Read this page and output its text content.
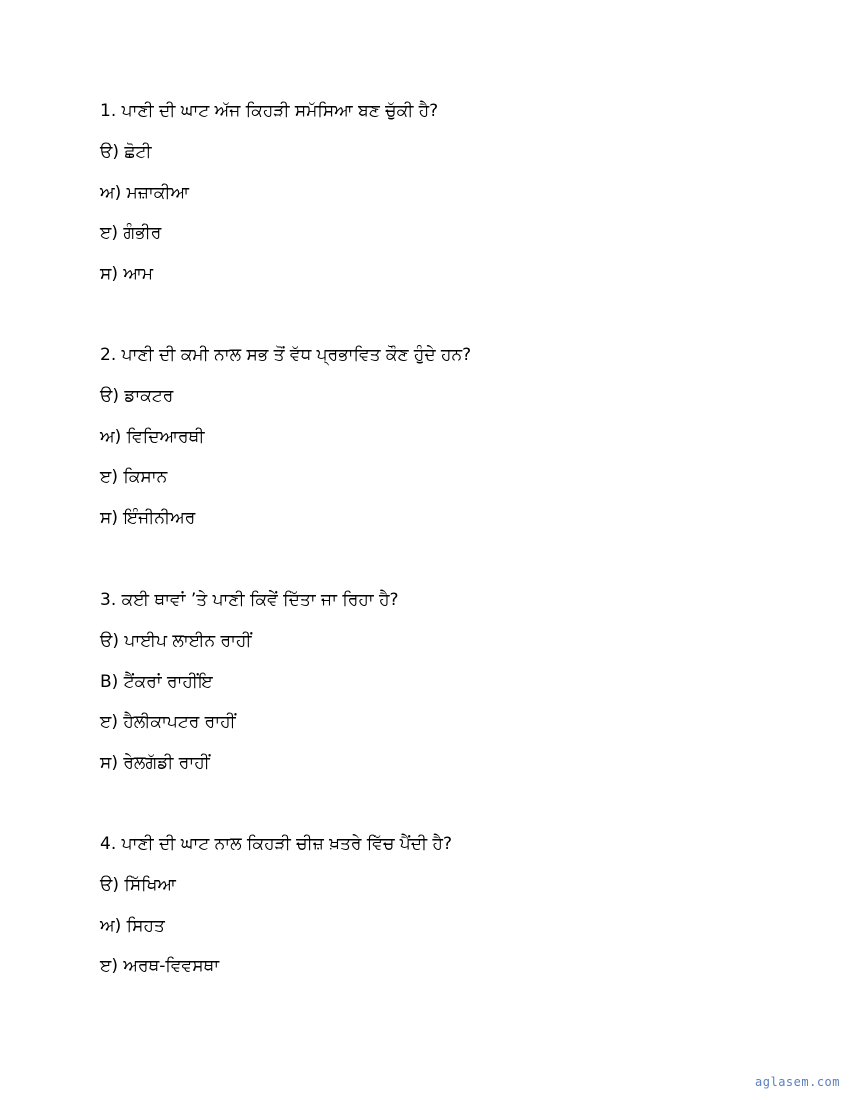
1. ਪਾਣੀ ਦੀ ਘਾਟ ਅੱਜ ਕਿਹੜੀ ਸਮੱਸਿਆ ਬਣ ਚੁੱਕੀ ਹੈ?
ੳ) ਛੋਟੀ
ਅ) ਮਜ਼ਾਕੀਆ
ੲ) ਗੰਭੀਰ
ਸ) ਆਮ
2. ਪਾਣੀ ਦੀ ਕਮੀ ਨਾਲ ਸਭ ਤੋਂ ਵੱਧ ਪ੍ਰਭਾਵਿਤ ਕੌਣ ਹੁੰਦੇ ਹਨ?
ੳ) ਡਾਕਟਰ
ਅ) ਵਿਦਿਆਰਥੀ
ੲ) ਕਿਸਾਨ
ਸ) ਇੰਜੀਨੀਅਰ
3. ਕਈ ਥਾਵਾਂ ’ਤੇ ਪਾਣੀ ਕਿਵੇਂ ਦਿੱਤਾ ਜਾ ਰਿਹਾ ਹੈ?
ੳ) ਪਾਈਪ ਲਾਈਨ ਰਾਹੀਂ
B) ਟੈਂਕਰਾਂ ਰਾਹੀਂਇ
ੲ) ਹੈਲੀਕਾਪਟਰ ਰਾਹੀਂ
ਸ) ਰੇਲਗੱਡੀ ਰਾਹੀਂ
4. ਪਾਣੀ ਦੀ ਘਾਟ ਨਾਲ ਕਿਹੜੀ ਚੀਜ਼ ਖ਼ਤਰੇ ਵਿੱਚ ਪੈਂਦੀ ਹੈ?
ੳ) ਸਿੱਖਿਆ
ਅ) ਸਿਹਤ
ੲ) ਅਰਥ-ਵਿਵਸਥਾ
aglasem.com
